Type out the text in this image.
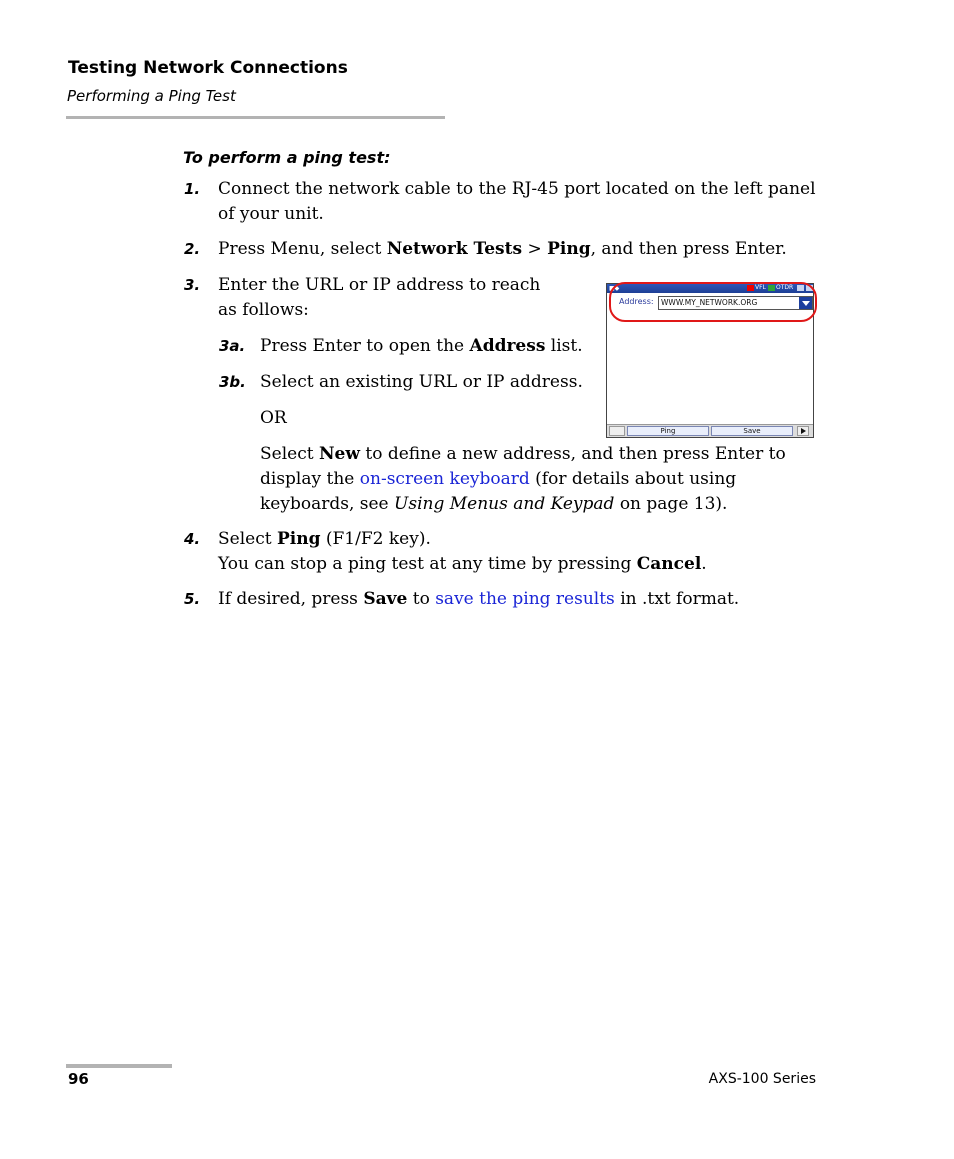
Testing Network Connections
Performing a Ping Test
To perform a ping test:
1. Connect the network cable to the RJ-45 port located on the left panel of your unit.
2. Press Menu, select Network Tests > Ping, and then press Enter.
3. Enter the URL or IP address to reach as follows:
3a. Press Enter to open the Address list.
3b. Select an existing URL or IP address.
OR
Select New to define a new address, and then press Enter to display the on-screen keyboard (for details about using keyboards, see Using Menus and Keypad on page 13).
4. Select Ping (F1/F2 key).
You can stop a ping test at any time by pressing Cancel.
5. If desired, press Save to save the ping results in .txt format.
■◆	VFL OTDR
Address: WWW.MY_NETWORK.ORG
Ping	Save
96	AXS-100 Series
